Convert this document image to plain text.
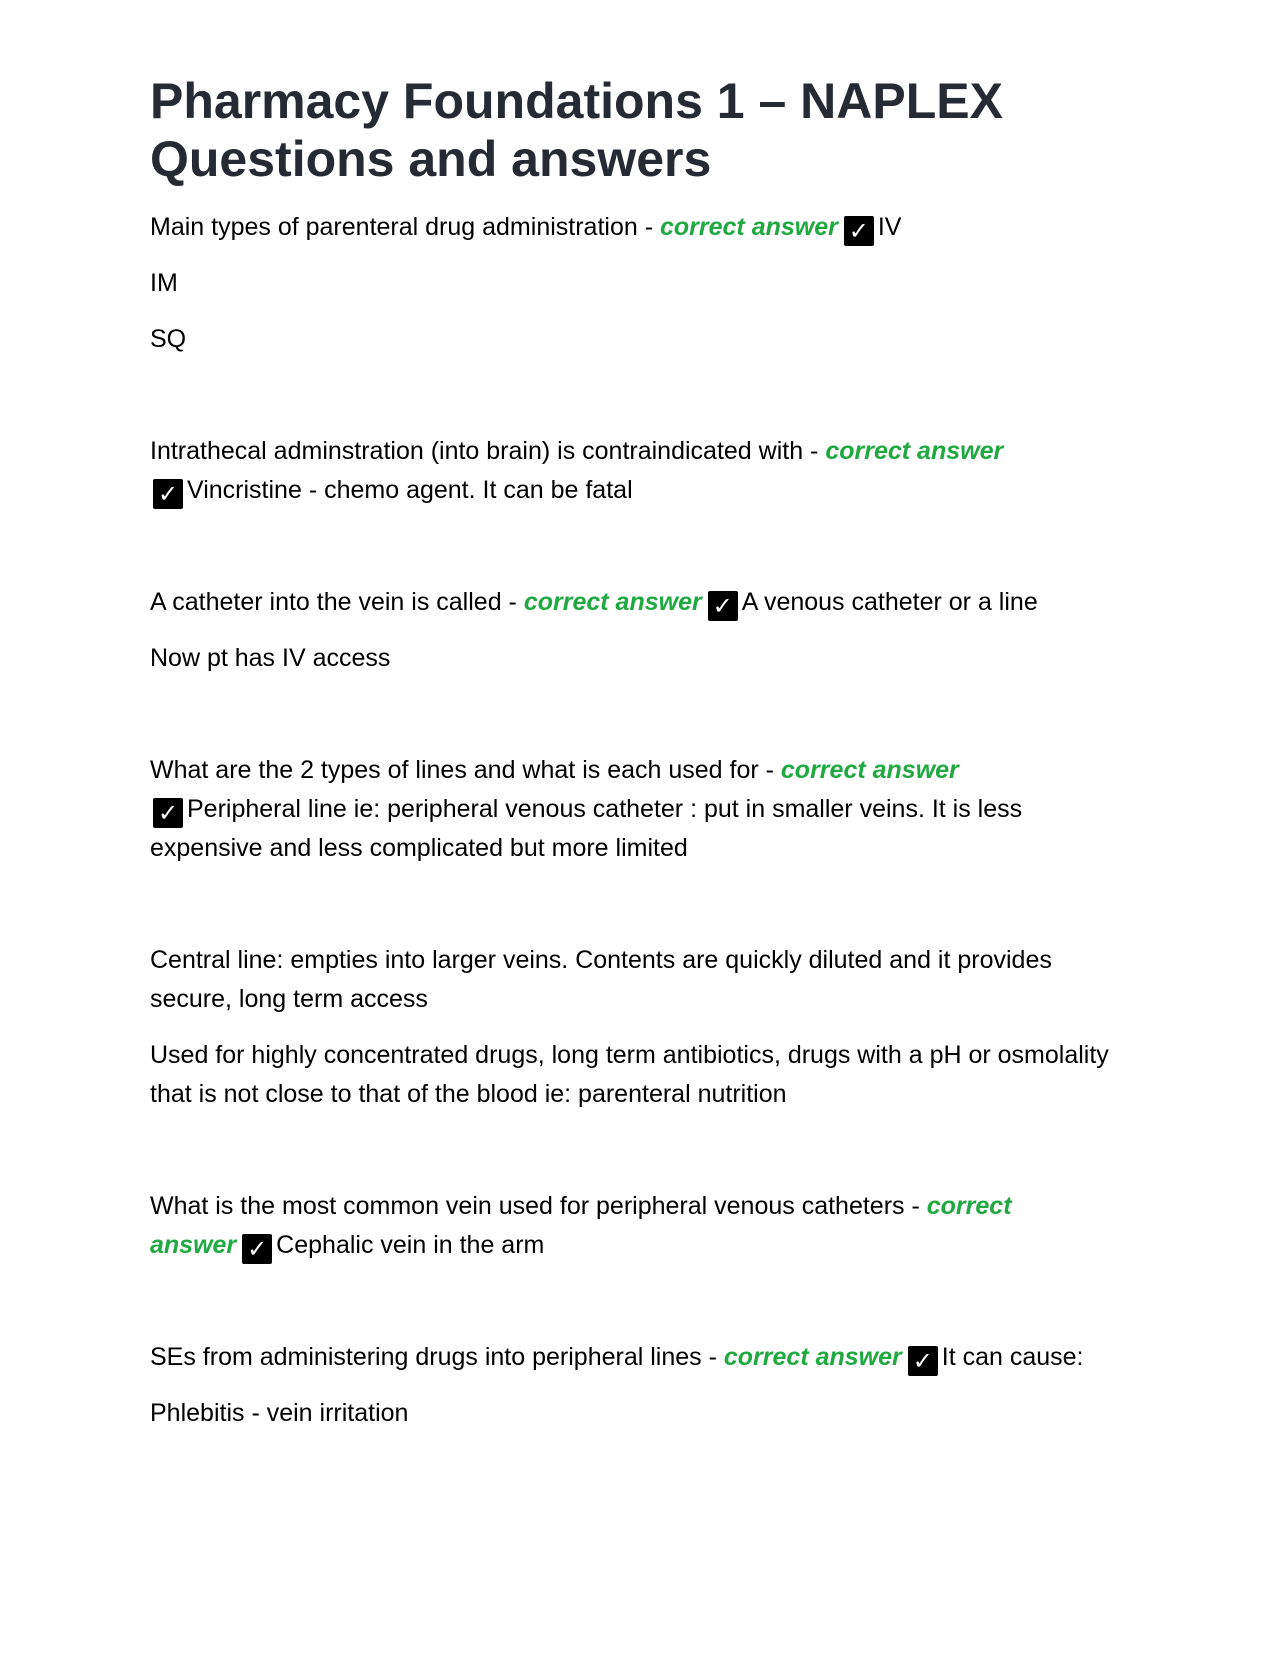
Pharmacy Foundations 1 – NAPLEX Questions and answers

Main types of parenteral drug administration - correct answer ✓ IV

IM

SQ

Intrathecal adminstration (into brain) is contraindicated with - correct answer
✓ Vincristine - chemo agent. It can be fatal

A catheter into the vein is called - correct answer ✓ A venous catheter or a line

Now pt has IV access

What are the 2 types of lines and what is each used for - correct answer
✓ Peripheral line ie: peripheral venous catheter : put in smaller veins. It is less expensive and less complicated but more limited

Central line: empties into larger veins. Contents are quickly diluted and it provides secure, long term access

Used for highly concentrated drugs, long term antibiotics, drugs with a pH or osmolality that is not close to that of the blood ie: parenteral nutrition

What is the most common vein used for peripheral venous catheters - correct
answer ✓ Cephalic vein in the arm

SEs from administering drugs into peripheral lines - correct answer ✓ It can cause:

Phlebitis - vein irritation
